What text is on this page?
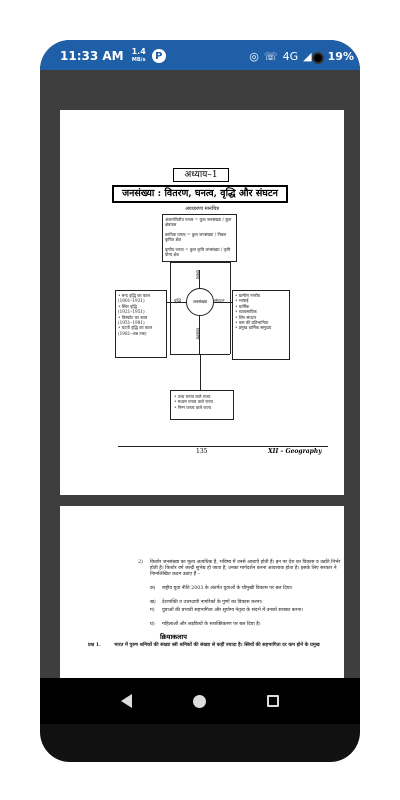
11:33 AM 1.4
MB/s P	◎ ☏ 4G ◢ 19%
अध्याय–1
जनसंख्या : वितरण, घनत्व, वृद्धि और संघटन
अवधारणा मानचित्र
अंकगणितीय घनत्व = कुल जनसंख्या / कुल क्षेत्रफल
कायिक घनत्व = कुल जनसंख्या / निबल कृषित क्षेत्र
कृषीय घनत्व = कुल कृषि जनसंख्या / कृषि योग्य क्षेत्र
• मन्द वृद्धि का काल
(1901–1921)
• स्थिर वृद्धि
(1921–1951)
• विस्फोट का काल
(1951–1981)
• घटती वृद्धि का काल
(1981–अब तक)
• ग्रामीण नगरीय
• भाषाई
• धार्मिक
• व्यावसायिक
• लिंग संघटन
• कम की प्रतिभागिता
• प्रमुख धार्मिक समुदाय
• उच्च घनत्व वाले राज्य
• मध्यम घनत्व वाले राज्य
• निम्न घनत्व वाले राज्य
जनसंख्या
घनत्व
वृद्धि	संघटन
वितरण
135	XII – Geography
2) किशोर जनसंख्या का मूल्य अत्यधिक है, भविष्य में उनसे आशाएँ होती हैं। इन पर देश का विकास व उन्नति निर्भर होती है। किशोर वर्ग जल्दी सुभेद्य हो जाता है, उनका मार्गदर्शन करना आवश्यक होता है। इसके लिए सरकार ने निम्नलिखित कदम उठाए हैं –
क) राष्ट्रीय युवा नीति 2003 के अंतर्गत युवाओं के चौमुखी विकास पर बल दिया।
ख) देशभक्ति व उत्तरदायी नागरिकों के गुणों का विकास करना।
ग) युवाओं की प्रभावी सहभागिता और सुयोग्य नेतृत्व के संदर्भ में उनको सशक्त करना।
घ) महिलाओं और लड़कियों के सशक्तिकरण पर बल दिया है।
क्रियाकलाप
प्रश्न 1.	भारत में पुरुष श्रमिकों की संख्या स्त्री श्रमिकों की संख्या से कहीं ज्यादा है। स्त्रियों की सहभागिता दर कम होने के प्रमुख
